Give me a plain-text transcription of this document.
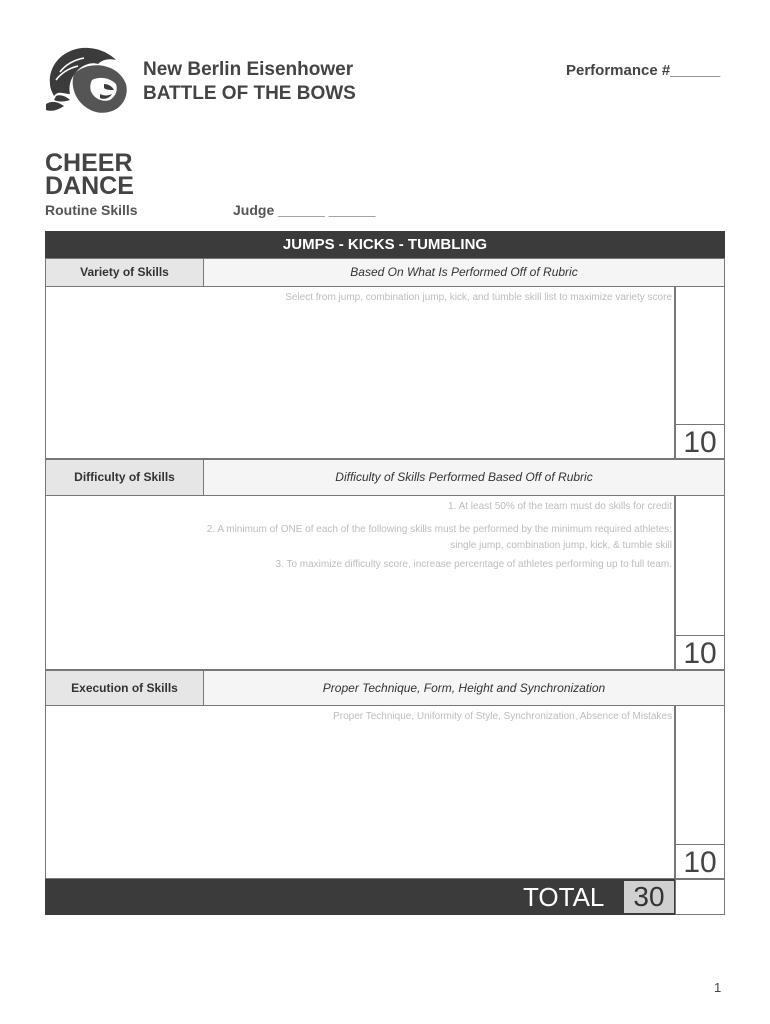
New Berlin Eisenhower
BATTLE OF THE BOWS
Performance #______
CHEER
DANCE
Routine Skills	Judge ______ ______
JUMPS - KICKS - TUMBLING
Variety of Skills	Based On What Is Performed Off of Rubric
Select from jump, combination jump, kick, and tumble skill list to maximize variety score
10
Difficulty of Skills	Difficulty of Skills Performed Based Off of Rubric
1. At least 50% of the team must do skills for credit
2. A minimum of ONE of each of the following skills must be performed by the minimum required athletes:
single jump, combination jump, kick, & tumble skill
3. To maximize difficulty score, increase percentage of athletes performing up to full team.
10
Execution of Skills	Proper Technique, Form, Height and Synchronization
Proper Technique, Uniformity of Style, Synchronization, Absence of Mistakes
10
TOTAL	30
1
